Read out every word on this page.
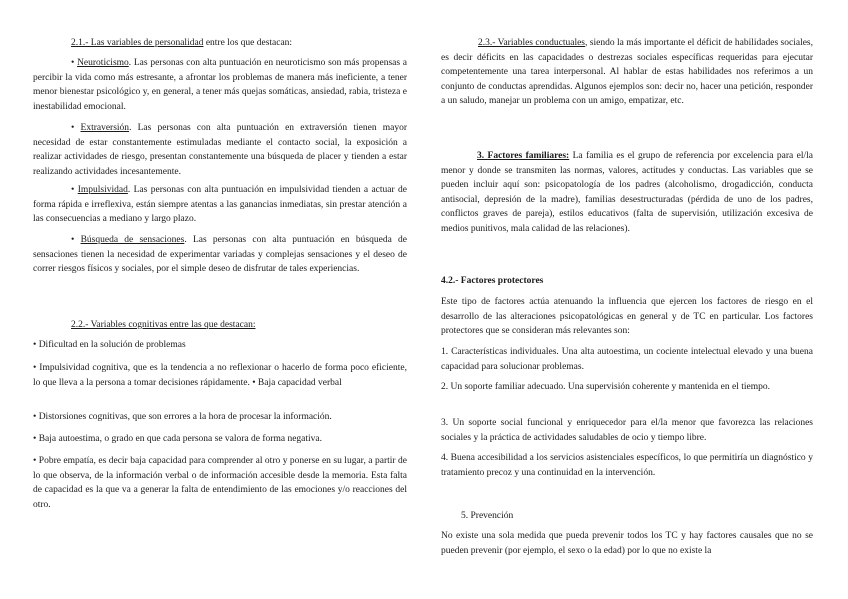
2.1.- Las variables de personalidad entre los que destacan:

• Neuroticismo. Las personas con alta puntuación en neuroticismo son más propensas a percibir la vida como más estresante, a afrontar los problemas de manera más ineficiente, a tener menor bienestar psicológico y, en general, a tener más quejas somáticas, ansiedad, rabia, tristeza e inestabilidad emocional.

• Extraversión. Las personas con alta puntuación en extraversión tienen mayor necesidad de estar constantemente estimuladas mediante el contacto social, la exposición a realizar actividades de riesgo, presentan constantemente una búsqueda de placer y tienden a estar realizando actividades incesantemente.

• Impulsividad. Las personas con alta puntuación en impulsividad tienden a actuar de forma rápida e irreflexiva, están siempre atentas a las ganancias inmediatas, sin prestar atención a las consecuencias a mediano y largo plazo.

• Búsqueda de sensaciones. Las personas con alta puntuación en búsqueda de sensaciones tienen la necesidad de experimentar variadas y complejas sensaciones y el deseo de correr riesgos físicos y sociales, por el simple deseo de disfrutar de tales experiencias.

2.2.- Variables cognitivas entre las que destacan:

• Dificultad en la solución de problemas

• Impulsividad cognitiva, que es la tendencia a no reflexionar o hacerlo de forma poco eficiente, lo que lleva a la persona a tomar decisiones rápidamente. • Baja capacidad verbal

• Distorsiones cognitivas, que son errores a la hora de procesar la información.

• Baja autoestima, o grado en que cada persona se valora de forma negativa.

• Pobre empatía, es decir baja capacidad para comprender al otro y ponerse en su lugar, a partir de lo que observa, de la información verbal o de información accesible desde la memoria. Esta falta de capacidad es la que va a generar la falta de entendimiento de las emociones y/o reacciones del otro.

2.3.- Variables conductuales, siendo la más importante el déficit de habilidades sociales, es decir déficits en las capacidades o destrezas sociales específicas requeridas para ejecutar competentemente una tarea interpersonal. Al hablar de estas habilidades nos referimos a un conjunto de conductas aprendidas. Algunos ejemplos son: decir no, hacer una petición, responder a un saludo, manejar un problema con un amigo, empatizar, etc.

3. Factores familiares: La familia es el grupo de referencia por excelencia para el/la menor y donde se transmiten las normas, valores, actitudes y conductas. Las variables que se pueden incluir aquí son: psicopatología de los padres (alcoholismo, drogadicción, conducta antisocial, depresión de la madre), familias desestructuradas (pérdida de uno de los padres, conflictos graves de pareja), estilos educativos (falta de supervisión, utilización excesiva de medios punitivos, mala calidad de las relaciones).

4.2.- Factores protectores

Este tipo de factores actúa atenuando la influencia que ejercen los factores de riesgo en el desarrollo de las alteraciones psicopatológicas en general y de TC en particular. Los factores protectores que se consideran más relevantes son:

1. Características individuales. Una alta autoestima, un cociente intelectual elevado y una buena capacidad para solucionar problemas.

2. Un soporte familiar adecuado. Una supervisión coherente y mantenida en el tiempo.

3. Un soporte social funcional y enriquecedor para el/la menor que favorezca las relaciones sociales y la práctica de actividades saludables de ocio y tiempo libre.

4. Buena accesibilidad a los servicios asistenciales específicos, lo que permitiría un diagnóstico y tratamiento precoz y una continuidad en la intervención.

5. Prevención

No existe una sola medida que pueda prevenir todos los TC y hay factores causales que no se pueden prevenir (por ejemplo, el sexo o la edad) por lo que no existe la
